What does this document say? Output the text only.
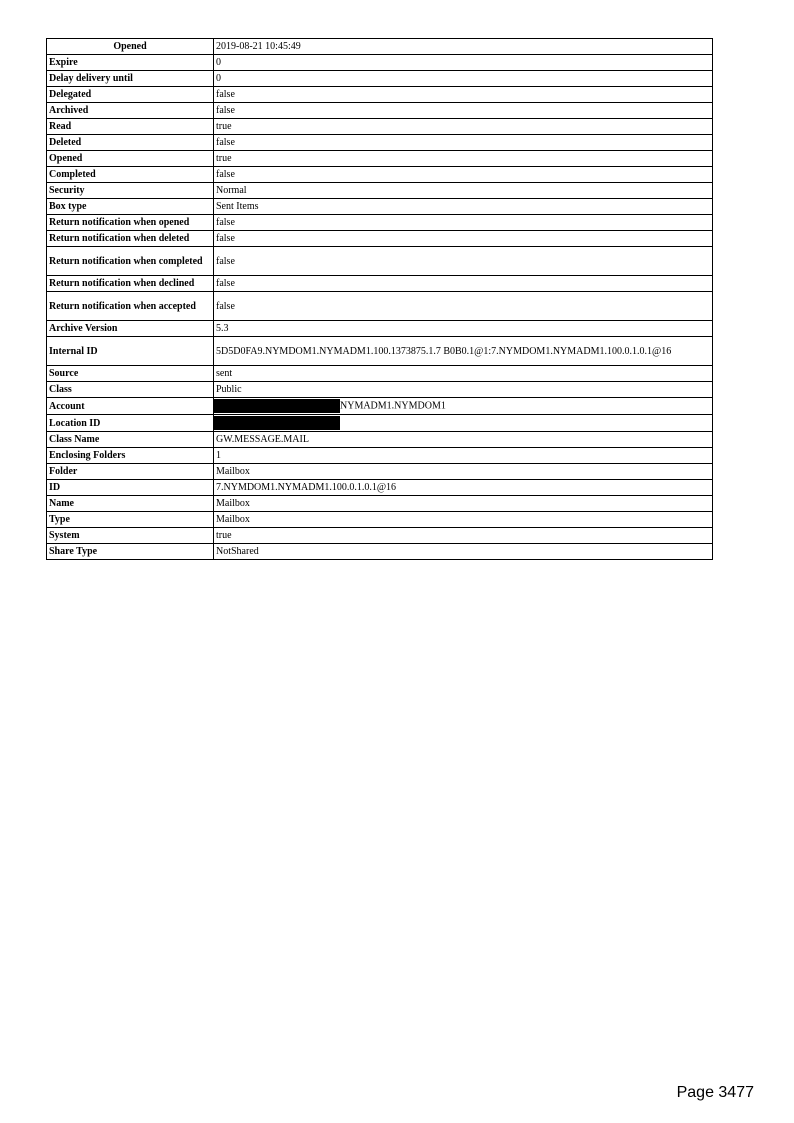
Opened	2019-08-21 10:45:49
Expire	0
Delay delivery until	0
Delegated	false
Archived	false
Read	true
Deleted	false
Opened	true
Completed	false
Security	Normal
Box type	Sent Items
Return notification when opened	false
Return notification when deleted	false
Return notification when completed	false
Return notification when declined	false
Return notification when accepted	false
Archive Version	5.3
Internal ID	5D5D0FA9.NYMDOM1.NYMADM1.100.1373875.1.7 B0B0.1@1:7.NYMDOM1.NYMADM1.100.0.1.0.1@16
Source	sent
Class	Public
Account	NYMADM1.NYMDOM1
Location ID	
Class Name	GW.MESSAGE.MAIL
Enclosing Folders	1
Folder	Mailbox
ID	7.NYMDOM1.NYMADM1.100.0.1.0.1@16
Name	Mailbox
Type	Mailbox
System	true
Share Type	NotShared
Page 3477
